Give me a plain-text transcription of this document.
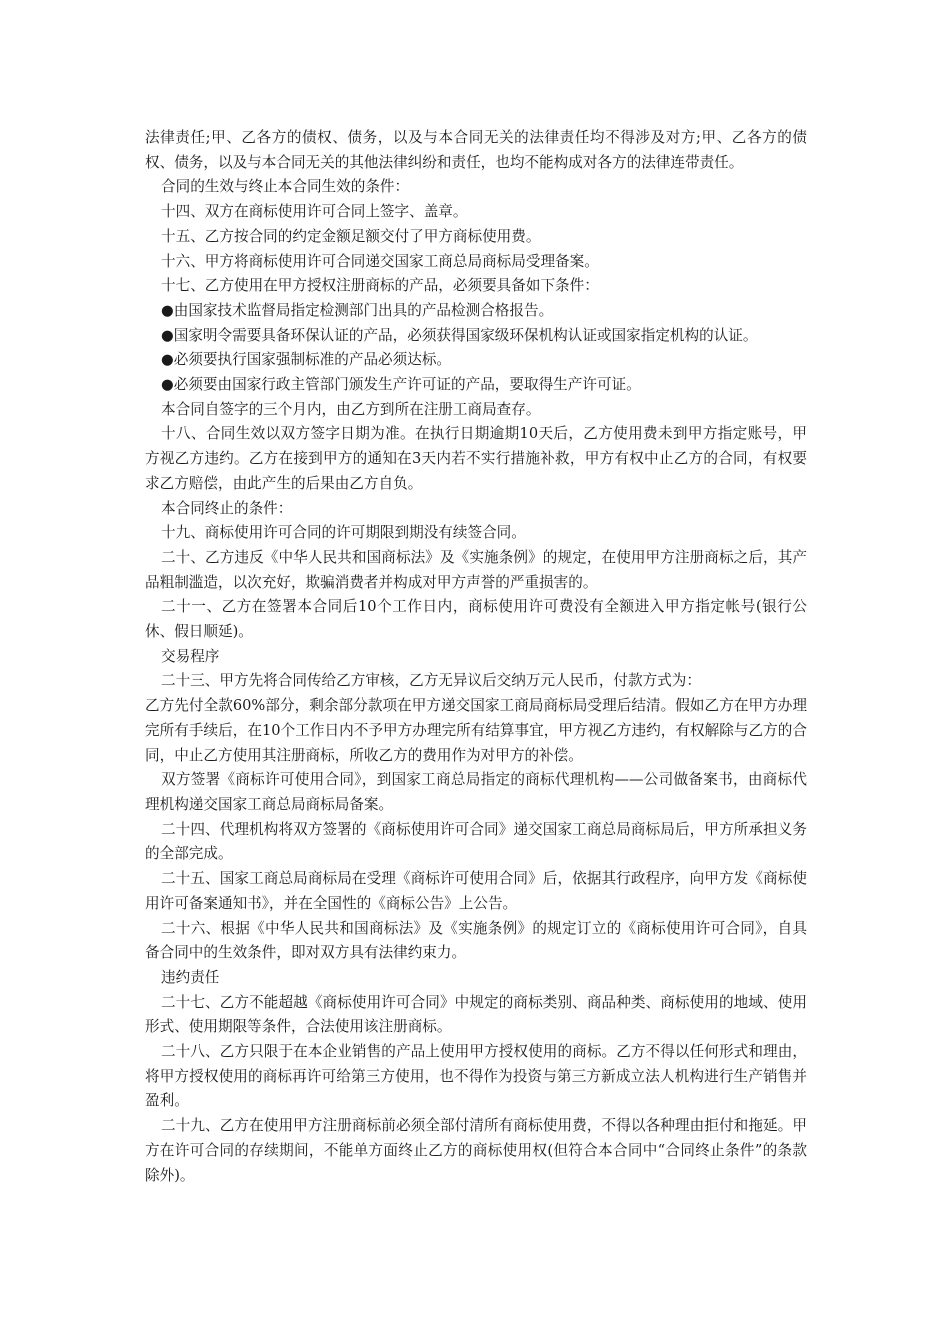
法律责任;甲、乙各方的债权、债务，以及与本合同无关的法律责任均不得涉及对方;甲、乙各方的债权、债务，以及与本合同无关的其他法律纠纷和责任，也均不能构成对各方的法律连带责任。

合同的生效与终止本合同生效的条件：

十四、双方在商标使用许可合同上签字、盖章。

十五、乙方按合同的约定金额足额交付了甲方商标使用费。

十六、甲方将商标使用许可合同递交国家工商总局商标局受理备案。

十七、乙方使用在甲方授权注册商标的产品，必须要具备如下条件：

●由国家技术监督局指定检测部门出具的产品检测合格报告。

●国家明令需要具备环保认证的产品，必须获得国家级环保机构认证或国家指定机构的认证。

●必须要执行国家强制标准的产品必须达标。

●必须要由国家行政主管部门颁发生产许可证的产品，要取得生产许可证。

本合同自签字的三个月内，由乙方到所在注册工商局查存。

十八、合同生效以双方签字日期为准。在执行日期逾期10天后，乙方使用费未到甲方指定账号，甲方视乙方违约。乙方在接到甲方的通知在3天内若不实行措施补救，甲方有权中止乙方的合同，有权要求乙方赔偿，由此产生的后果由乙方自负。

本合同终止的条件：

十九、商标使用许可合同的许可期限到期没有续签合同。

二十、乙方违反《中华人民共和国商标法》及《实施条例》的规定，在使用甲方注册商标之后，其产品粗制滥造，以次充好，欺骗消费者并构成对甲方声誉的严重损害的。

二十一、乙方在签署本合同后10个工作日内，商标使用许可费没有全额进入甲方指定帐号(银行公休、假日顺延)。

交易程序

二十三、甲方先将合同传给乙方审核，乙方无异议后交纳万元人民币，付款方式为：

乙方先付全款60%部分，剩余部分款项在甲方递交国家工商局商标局受理后结清。假如乙方在甲方办理完所有手续后，在10个工作日内不予甲方办理完所有结算事宜，甲方视乙方违约，有权解除与乙方的合同，中止乙方使用其注册商标，所收乙方的费用作为对甲方的补偿。

双方签署《商标许可使用合同》，到国家工商总局指定的商标代理机构——公司做备案书，由商标代理机构递交国家工商总局商标局备案。

二十四、代理机构将双方签署的《商标使用许可合同》递交国家工商总局商标局后，甲方所承担义务的全部完成。

二十五、国家工商总局商标局在受理《商标许可使用合同》后，依据其行政程序，向甲方发《商标使用许可备案通知书》，并在全国性的《商标公告》上公告。

二十六、根据《中华人民共和国商标法》及《实施条例》的规定订立的《商标使用许可合同》，自具备合同中的生效条件，即对双方具有法律约束力。

违约责任

二十七、乙方不能超越《商标使用许可合同》中规定的商标类别、商品种类、商标使用的地域、使用形式、使用期限等条件，合法使用该注册商标。

二十八、乙方只限于在本企业销售的产品上使用甲方授权使用的商标。乙方不得以任何形式和理由，将甲方授权使用的商标再许可给第三方使用，也不得作为投资与第三方新成立法人机构进行生产销售并盈利。

二十九、乙方在使用甲方注册商标前必须全部付清所有商标使用费，不得以各种理由拒付和拖延。甲方在许可合同的存续期间，不能单方面终止乙方的商标使用权(但符合本合同中“合同终止条件”的条款除外)。
